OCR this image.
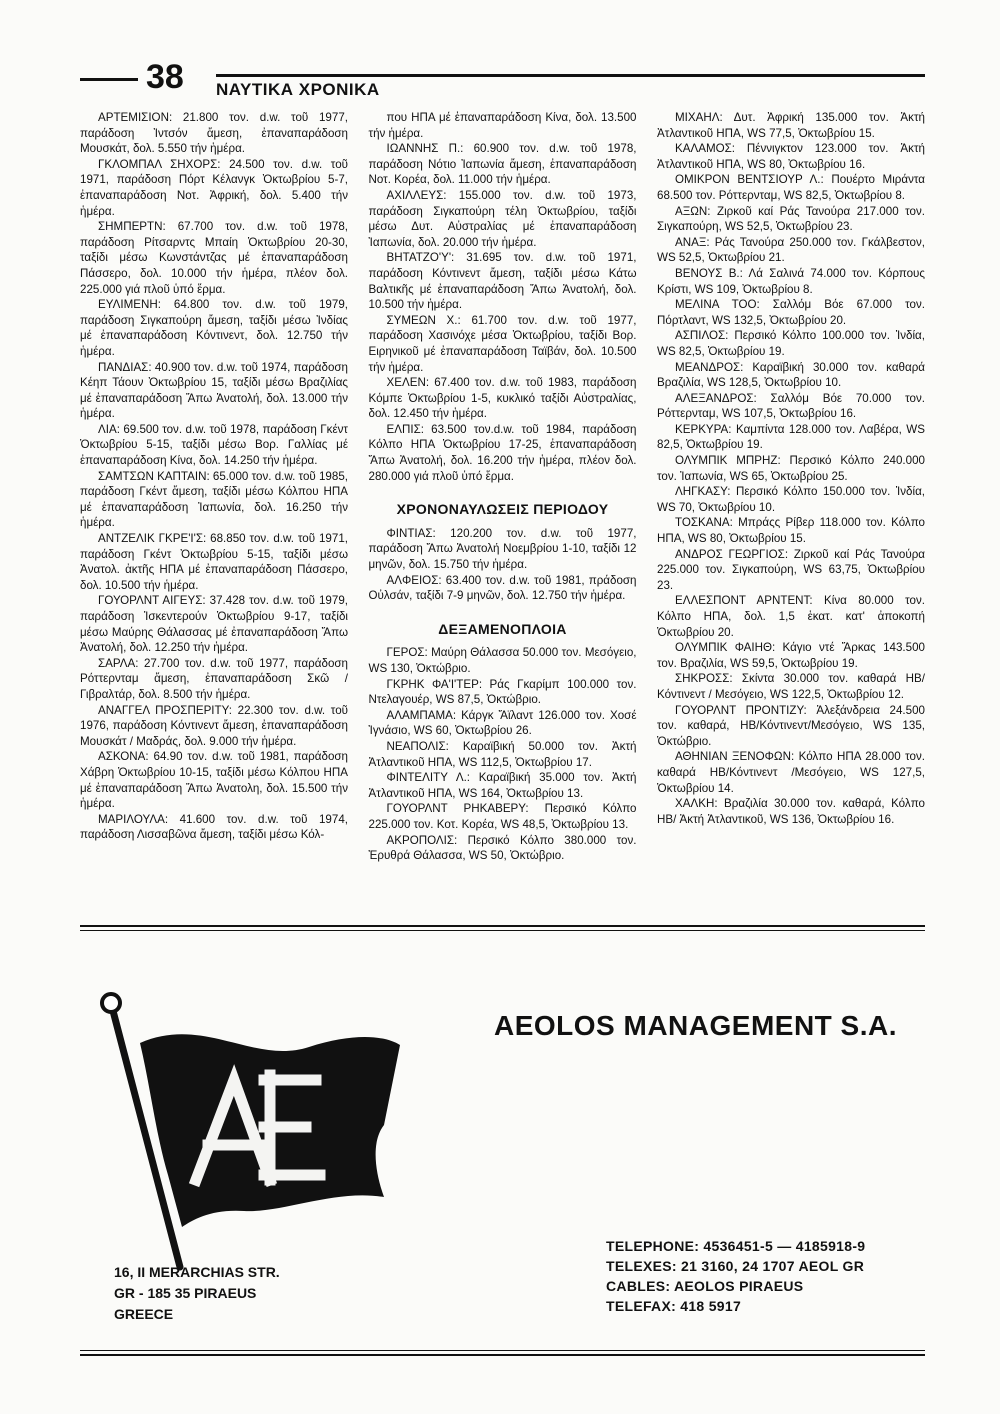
38 ΝΑΥΤΙΚΑ ΧΡΟΝΙΚΑ

ΑΡΤΕΜΙΣΙΟΝ: 21.800 τον. d.w. τοῦ 1977, παράδοση Ἰντσόν ἄμεση, ἐπαναπαράδοση Μουσκάτ, δολ. 5.550 τήν ἡμέρα.

ΓΚΛΟΜΠΑΛ ΣΗΧΟΡΣ: 24.500 τον. d.w. τοῦ 1971, παράδοση Πόρτ Κέλανγκ Ὀκτωβρίου 5-7, ἐπαναπαράδοση Νοτ. Ἀφρική, δολ. 5.400 τήν ἡμέρα.

ΣΗΜΠΕΡΤΝ: 67.700 τον. d.w. τοῦ 1978, παράδοση Ρίτσαρντς Μπαίη Ὀκτωβρίου 20-30, ταξίδι μέσω Κωνστάντζας μέ ἐπαναπαράδοση Πάσσερο, δολ. 10.000 τήν ἡμέρα, πλέον δολ. 225.000 γιά πλοῦ ὑπό ἕρμα.

ΕΥΛΙΜΕΝΗ: 64.800 τον. d.w. τοῦ 1979, παράδοση Σιγκαπούρη ἄμεση, ταξίδι μέσω Ἰνδίας μέ ἐπαναπαράδοση Κόντινεντ, δολ. 12.750 τήν ἡμέρα.

ΠΑΝΔΙΑΣ: 40.900 τον. d.w. τοῦ 1974, παράδοση Κέηπ Τάουν Ὀκτωβρίου 15, ταξίδι μέσω Βραζιλίας μέ ἐπαναπαράδοση Ἄπω Ἀνατολή, δολ. 13.000 τήν ἡμέρα.

ΛΙΑ: 69.500 τον. d.w. τοῦ 1978, παράδοση Γκέντ Ὀκτωβρίου 5-15, ταξίδι μέσω Βορ. Γαλλίας μέ ἐπαναπαράδοση Κίνα, δολ. 14.250 τήν ἡμέρα.

ΣΑΜΤΣΩΝ ΚΑΠΤΑΙΝ: 65.000 τον. d.w. τοῦ 1985, παράδοση Γκέντ ἄμεση, ταξίδι μέσω Κόλπου ΗΠΑ μέ ἐπαναπαράδοση Ἰαπωνία, δολ. 16.250 τήν ἡμέρα.

ΑΝΤΖΕΛΙΚ ΓΚΡΕ'Ι'Σ: 68.850 τον. d.w. τοῦ 1971, παράδοση Γκέντ Ὀκτωβρίου 5-15, ταξίδι μέσω Ἀνατολ. ἀκτῆς ΗΠΑ μέ ἐπαναπαράδοση Πάσσερο, δολ. 10.500 τήν ἡμέρα.

ΓΟΥΟΡΛΝΤ ΑΙΓΕΥΣ: 37.428 τον. d.w. τοῦ 1979, παράδοση Ἰσκεντερούν Ὀκτωβρίου 9-17, ταξίδι μέσω Μαύρης Θάλασσας μέ ἐπαναπαράδοση Ἄπω Ἀνατολή, δολ. 12.250 τήν ἡμέρα.

ΣΑΡΛΑ: 27.700 τον. d.w. τοῦ 1977, παράδοση Ρόττερνταμ ἄμεση, ἐπαναπαράδοση Σκῶ / Γιβραλτάρ, δολ. 8.500 τήν ἡμέρα.

ΑΝΑΓΓΕΛ ΠΡΟΣΠΕΡΙΤΥ: 22.300 τον. d.w. τοῦ 1976, παράδοση Κόντινεντ ἄμεση, ἐπαναπαράδοση Μουσκάτ / Μαδράς, δολ. 9.000 τήν ἡμέρα.

ΑΣΚΟΝΑ: 64.90 τον. d.w. τοῦ 1981, παράδοση Χάβρη Ὀκτωβρίου 10-15, ταξίδι μέσω Κόλπου ΗΠΑ μέ ἐπαναπαράδοση Ἄπω Ἀνατολη, δολ. 15.500 τήν ἡμέρα.

ΜΑΡΙΛΟΥΛΑ: 41.600 τον. d.w. τοῦ 1974, παράδοση Λισσαβῶνα ἄμεση, ταξίδι μέσω Κόλ-

που ΗΠΑ μέ ἐπαναπαράδοση Κίνα, δολ. 13.500 τήν ἡμέρα.

ΙΩΑΝΝΗΣ Π.: 60.900 τον. d.w. τοῦ 1978, παράδοση Νότιο Ἰαπωνία ἄμεση, ἐπαναπαράδοση Νοτ. Κορέα, δολ. 11.000 τήν ἡμέρα.

ΑΧΙΛΛΕΥΣ: 155.000 τον. d.w. τοῦ 1973, παράδοση Σιγκαπούρη τέλη Ὀκτωβρίου, ταξίδι μέσω Δυτ. Αὐστραλίας μέ ἐπαναπαράδοση Ἰαπωνία, δολ. 20.000 τήν ἡμέρα.

ΒΗΤΑΤΖΟ'Υ': 31.695 τον. d.w. τοῦ 1971, παράδοση Κόντινεντ ἄμεση, ταξίδι μέσω Κάτω Βαλτικῆς μέ ἐπαναπαράδοση Ἄπω Ἀνατολή, δολ. 10.500 τήν ἡμέρα.

ΣΥΜΕΩΝ Χ.: 61.700 τον. d.w. τοῦ 1977, παράδοση Χασινόχε μέσα Ὀκτωβρίου, ταξίδι Βορ. Ειρηνικοῦ μέ ἐπαναπαράδοση Ταϊβάν, δολ. 10.500 τήν ἡμέρα.

ΧΕΛΕΝ: 67.400 τον. d.w. τοῦ 1983, παράδοση Κόμπε Ὀκτωβρίου 1-5, κυκλικό ταξίδι Αὐστραλίας, δολ. 12.450 τήν ἡμέρα.

ΕΛΠΙΣ: 63.500 τον.d.w. τοῦ 1984, παράδοση Κόλπο ΗΠΑ Ὀκτωβρίου 17-25, ἐπαναπαράδοση Ἄπω Ἀνατολή, δολ. 16.200 τήν ἡμέρα, πλέον δολ. 280.000 γιά πλοῦ ὑπό ἕρμα.

ΧΡΟΝΟΝΑΥΛΩΣΕΙΣ ΠΕΡΙΟΔΟΥ

ΦΙΝΤΙΑΣ: 120.200 τον. d.w. τοῦ 1977, παράδοση Ἄπω Ἀνατολή Νοεμβρίου 1-10, ταξίδι 12 μηνῶν, δολ. 15.750 τήν ἡμέρα.

ΑΛΦΕΙΟΣ: 63.400 τον. d.w. τοῦ 1981, πράδοση Οὐλσάν, ταξίδι 7-9 μηνῶν, δολ. 12.750 τήν ἡμέρα.

ΔΕΞΑΜΕΝΟΠΛΟΙΑ

ΓΕΡΟΣ: Μαύρη Θάλασσα 50.000 τον. Μεσόγειο, WS 130, Ὀκτώβριο.

ΓΚΡΗΚ ΦΑ'Ι'ΤΕΡ: Ράς Γκαρίμπ 100.000 τον. Ντελαγουέρ, WS 87,5, Ὀκτώβριο.

ΑΛΑΜΠΑΜΑ: Κάργκ Ἄϊλαντ 126.000 τον. Χοσέ Ἰγνάσιο, WS 60, Ὀκτωβρίου 26.

ΝΕΑΠΟΛΙΣ: Καραϊβική 50.000 τον. Ἀκτή Ἀτλαντικοῦ ΗΠΑ, WS 112,5, Ὀκτωβρίου 17.

ΦΙΝΤΕΛΙΤΥ Λ.: Καραϊβική 35.000 τον. Ἀκτή Ἀτλαντικοῦ ΗΠΑ, WS 164, Ὀκτωβρίου 13.

ΓΟΥΟΡΛΝΤ ΡΗΚΑΒΕΡΥ: Περσικό Κόλπο 225.000 τον. Κοτ. Κορέα, WS 48,5, Ὀκτωβρίου 13.

ΑΚΡΟΠΟΛΙΣ: Περσικό Κόλπο 380.000 τον. Ἐρυθρά Θάλασσα, WS 50, Ὀκτώβριο.

ΜΙΧΑΗΛ: Δυτ. Ἀφρική 135.000 τον. Ἀκτή Ἀτλαντικοῦ ΗΠΑ, WS 77,5, Ὀκτωβρίου 15.

ΚΑΛΑΜΟΣ: Πέννιγκτον 123.000 τον. Ἀκτή Ἀτλαντικοῦ ΗΠΑ, WS 80, Ὀκτωβρίου 16.

ΟΜΙΚΡΟΝ ΒΕΝΤΣΙΟΥΡ Λ.: Πουέρτο Μιράντα 68.500 τον. Ρόττερνταμ, WS 82,5, Ὀκτωβρίου 8.

ΑΞΩΝ: Ζιρκοῦ καί Ράς Τανούρα 217.000 τον. Σιγκαπούρη, WS 52,5, Ὀκτωβρίου 23.

ΑΝΑΞ: Ράς Τανούρα 250.000 τον. Γκάλβεστον, WS 52,5, Ὀκτωβρίου 21.

ΒΕΝΟΥΣ Β.: Λά Σαλινά 74.000 τον. Κόρπους Κρίστι, WS 109, Ὀκτωβρίου 8.

ΜΕΛΙΝΑ ΤΟΟ: Σαλλόμ Βόε 67.000 τον. Πόρτλαντ, WS 132,5, Ὀκτωβρίου 20.

ΑΣΠΙΛΟΣ: Περσικό Κόλπο 100.000 τον. Ἰνδία, WS 82,5, Ὀκτωβρίου 19.

ΜΕΑΝΔΡΟΣ: Καραϊβική 30.000 τον. καθαρά Βραζιλία, WS 128,5, Ὀκτωβρίου 10.

ΑΛΕΞΑΝΔΡΟΣ: Σαλλόμ Βόε 70.000 τον. Ρόττερνταμ, WS 107,5, Ὀκτωβρίου 16.

ΚΕΡΚΥΡΑ: Καμπίντα 128.000 τον. Λαβέρα, WS 82,5, Ὀκτωβρίου 19.

ΟΛΥΜΠΙΚ ΜΠΡΗΖ: Περσικό Κόλπο 240.000 τον. Ἰαπωνία, WS 65, Ὀκτωβρίου 25.

ΛΗΓΚΑΣΥ: Περσικό Κόλπο 150.000 τον. Ἰνδία, WS 70, Ὀκτωβρίου 10.

ΤΟΣΚΑΝΑ: Μπράςς Ρίβερ 118.000 τον. Κόλπο ΗΠΑ, WS 80, Ὀκτωβρίου 15.

ΑΝΔΡΟΣ ΓΕΩΡΓΙΟΣ: Ζιρκοῦ καί Ράς Τανούρα 225.000 τον. Σιγκαπούρη, WS 63,75, Ὀκτωβρίου 23.

ΕΛΛΕΣΠΟΝΤ ΑΡΝΤΕΝΤ: Κίνα 80.000 τον. Κόλπο ΗΠΑ, δολ. 1,5 ἑκατ. κατ' ἀποκοπή Ὀκτωβρίου 20.

ΟΛΥΜΠΙΚ ΦΑΙΗΘ: Κάγιο ντέ Ἄρκας 143.500 τον. Βραζιλία, WS 59,5, Ὀκτωβρίου 19.

ΣΗΚΡΟΣΣ: Σκίντα 30.000 τον. καθαρά ΗΒ/ Κόντινεντ / Μεσόγειο, WS 122,5, Ὀκτωβρίου 12.

ΓΟΥΟΡΛΝΤ ΠΡΟΝΤΙΖΥ: Ἀλεξάνδρεια 24.500 τον. καθαρά, ΗΒ/Κόντινεντ/Μεσόγειο, WS 135, Ὀκτώβριο.

ΑΘΗΝΙΑΝ ΞΕΝΟΦΩΝ: Κόλπο ΗΠΑ 28.000 τον. καθαρά ΗΒ/Κόντινεντ /Μεσόγειο, WS 127,5, Ὀκτωβρίου 14.

ΧΑΛΚΗ: Βραζιλία 30.000 τον. καθαρά, Κόλπο ΗΒ/ Ἀκτή Ἀτλαντικοῦ, WS 136, Ὀκτωβρίου 16.

AEOLOS MANAGEMENT S.A.
16, II MERARCHIAS STR.
GR - 185 35 PIRAEUS
GREECE
TELEPHONE: 4536451-5 — 4185918-9
TELEXES: 21 3160, 24 1707 AEOL GR
CABLES: AEOLOS PIRAEUS
TELEFAX: 418 5917
